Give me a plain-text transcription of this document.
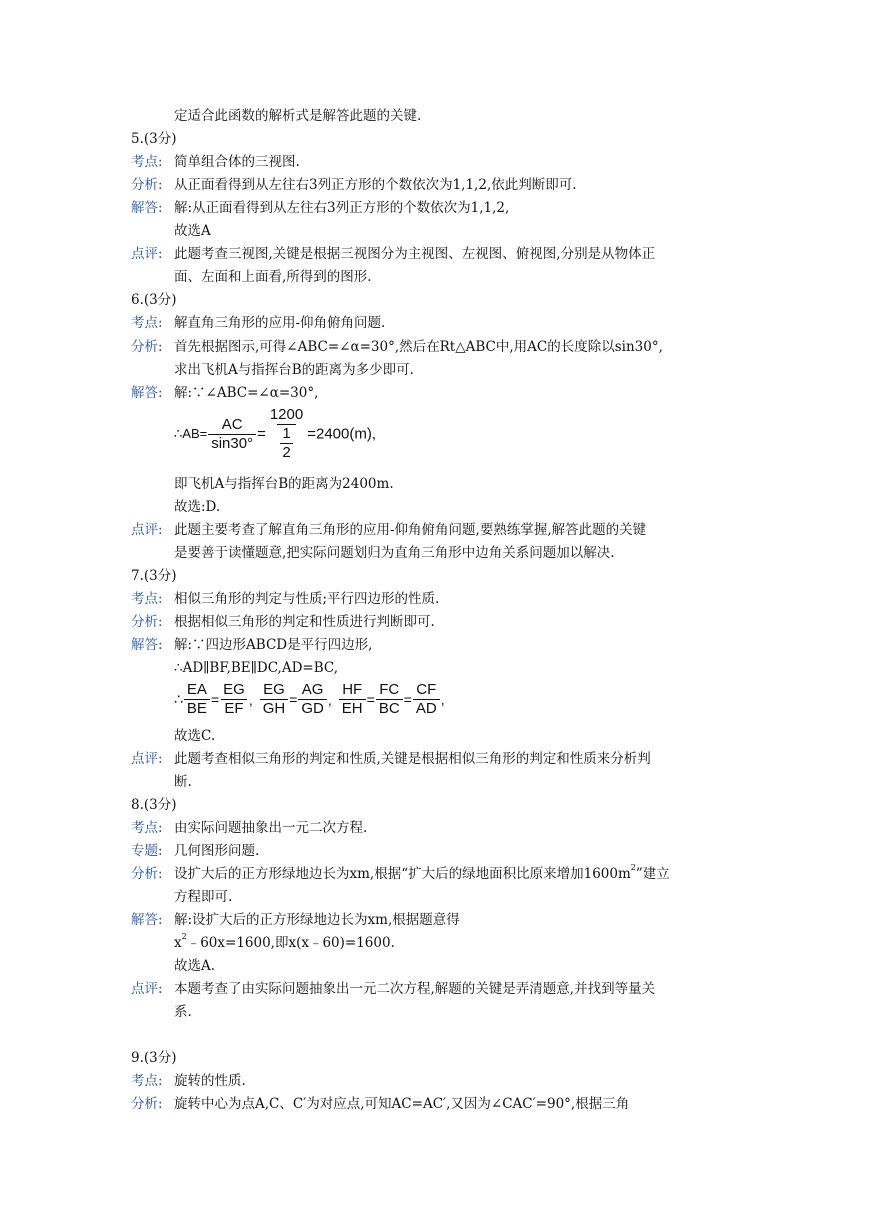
定适合此函数的解析式是解答此题的关键.
5.(3分)
考点: 简单组合体的三视图.
分析: 从正面看得到从左往右3列正方形的个数依次为1,1,2,依此判断即可.
解答: 解:从正面看得到从左往右3列正方形的个数依次为1,1,2,
故选A
点评: 此题考查三视图,关键是根据三视图分为主视图、左视图、俯视图,分别是从物体正
面、左面和上面看,所得到的图形.
6.(3分)
考点: 解直角三角形的应用-仰角俯角问题.
分析: 首先根据图示,可得∠ABC=∠α=30°,然后在Rt△ABC中,用AC的长度除以sin30°,
求出飞机A与指挥台B的距离为多少即可.
解答: 解:∵∠ABC=∠α=30°,
∴AB= $\frac{AC}{\sin 30^\circ} = \frac{1200}{\frac{1}{2}} =2400(m)$,
即飞机A与指挥台B的距离为2400m.
故选:D.
点评: 此题主要考查了解直角三角形的应用-仰角俯角问题,要熟练掌握,解答此题的关键
是要善于读懂题意,把实际问题划归为直角三角形中边角关系问题加以解决.
7.(3分)
考点: 相似三角形的判定与性质;平行四边形的性质.
分析: 根据相似三角形的判定和性质进行判断即可.
解答: 解:∵四边形ABCD是平行四边形,
∴AD∥BF,BE∥DC,AD=BC,
∴ $\frac{EA}{BE} = \frac{EG}{EF}$ , $\frac{EG}{GH} = \frac{AG}{GD}$ , $\frac{HF}{EH} = \frac{FC}{BC} = \frac{CF}{AD}$ ,
故选C.
点评: 此题考查相似三角形的判定和性质,关键是根据相似三角形的判定和性质来分析判
断.
8.(3分)
考点: 由实际问题抽象出一元二次方程.
专题: 几何图形问题.
分析: 设扩大后的正方形绿地边长为xm,根据“扩大后的绿地面积比原来增加$1600m^2$”建立
方程即可.
解答: 解:设扩大后的正方形绿地边长为xm,根据题意得
$x^2﹣60x=1600$,即x(x﹣60)=1600.
故选A.
点评: 本题考查了由实际问题抽象出一元二次方程,解题的关键是弄清题意,并找到等量关
系.
9.(3分)
考点: 旋转的性质.
分析: 旋转中心为点A,C、C′为对应点,可知AC=AC′,又因为∠CAC′=90°,根据三角
